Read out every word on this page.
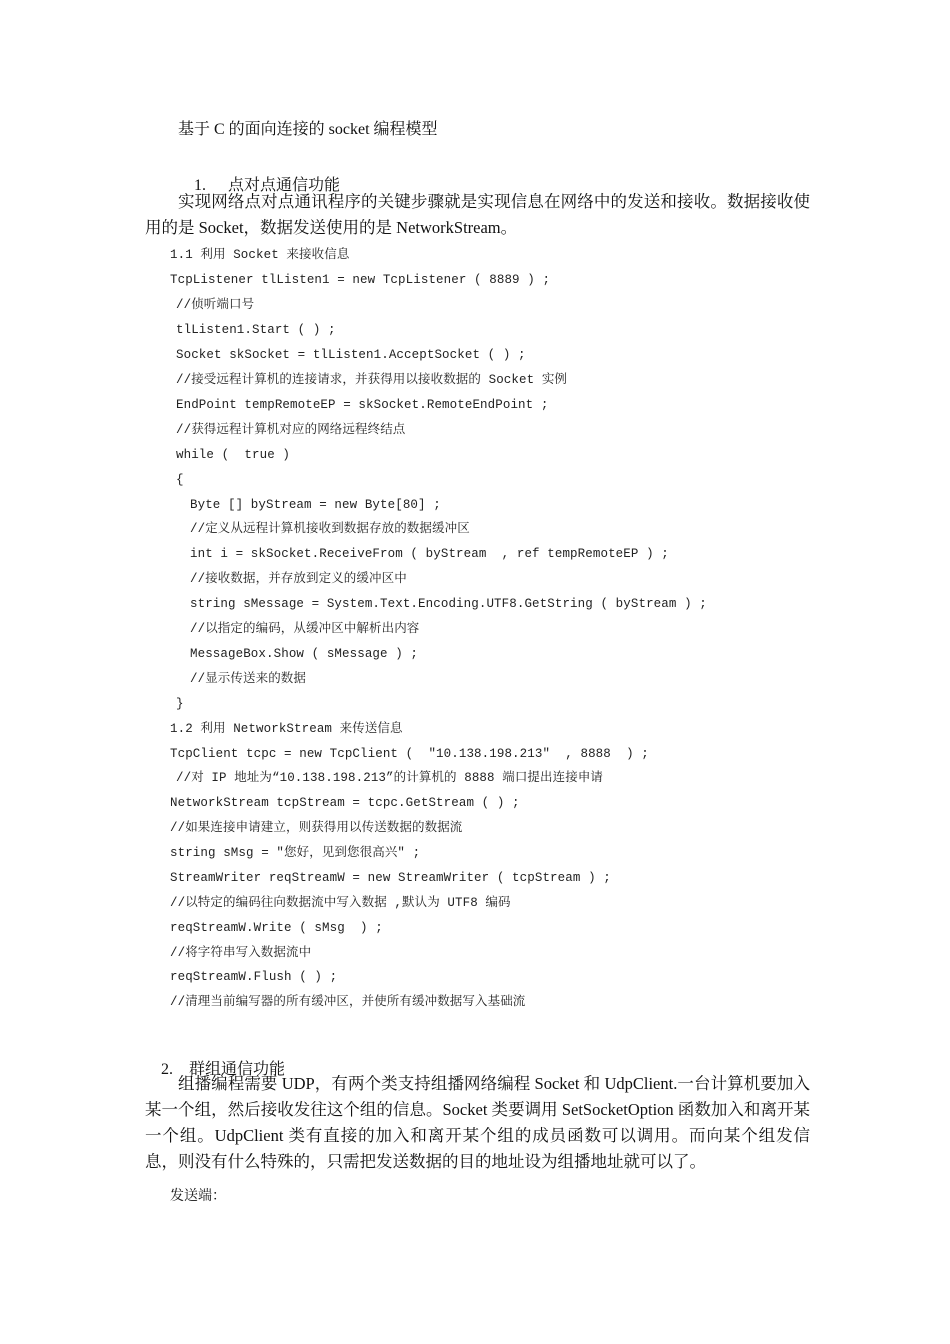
基于 C 的面向连接的 socket 编程模型

1. 点对点通信功能

实现网络点对点通讯程序的关键步骤就是实现信息在网络中的发送和接收。数据接收使用的是 Socket，数据发送使用的是 NetworkStream。

1.1 利用 Socket 来接收信息
TcpListener tlListen1 = new TcpListener ( 8889 ) ;
//侦听端口号
tlListen1.Start ( ) ;
Socket skSocket = tlListen1.AcceptSocket ( ) ;
//接受远程计算机的连接请求，并获得用以接收数据的 Socket 实例
EndPoint tempRemoteEP = skSocket.RemoteEndPoint ;
//获得远程计算机对应的网络远程终结点
while (  true )
{
Byte [] byStream = new Byte[80] ;
//定义从远程计算机接收到数据存放的数据缓冲区
int i = skSocket.ReceiveFrom ( byStream  , ref tempRemoteEP ) ;
//接收数据，并存放到定义的缓冲区中
string sMessage = System.Text.Encoding.UTF8.GetString ( byStream ) ;
//以指定的编码，从缓冲区中解析出内容
MessageBox.Show ( sMessage ) ;
//显示传送来的数据
}
1.2 利用 NetworkStream 来传送信息
TcpClient tcpc = new TcpClient (  "10.138.198.213"  , 8888  ) ;
//对 IP 地址为“10.138.198.213”的计算机的 8888 端口提出连接申请
NetworkStream tcpStream = tcpc.GetStream ( ) ;
//如果连接申请建立，则获得用以传送数据的数据流
string sMsg = "您好，见到您很高兴" ;
StreamWriter reqStreamW = new StreamWriter ( tcpStream ) ;
//以特定的编码往向数据流中写入数据 ,默认为 UTF8 编码
reqStreamW.Write ( sMsg  ) ;
//将字符串写入数据流中
reqStreamW.Flush ( ) ;
//清理当前编写器的所有缓冲区，并使所有缓冲数据写入基础流

2. 群组通信功能

组播编程需要 UDP，有两个类支持组播网络编程 Socket 和 UdpClient.一台计算机要加入某一个组，然后接收发往这个组的信息。Socket 类要调用 SetSocketOption 函数加入和离开某一个组。UdpClient 类有直接的加入和离开某个组的成员函数可以调用。而向某个组发信息，则没有什么特殊的，只需把发送数据的目的地址设为组播地址就可以了。

发送端：
